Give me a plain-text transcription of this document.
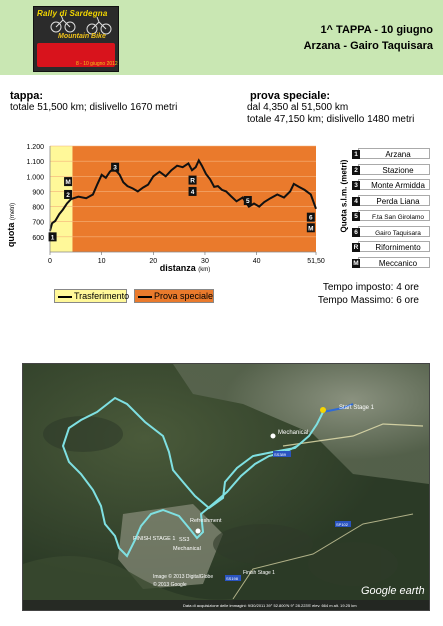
Rally di Sardegna
Mountain Bike
8 - 10 giugno 2012
1^ TAPPA - 10 giugno
Arzana - Gairo Taquisara
tappa:
totale 51,500 km; dislivello 1670 metri
prova speciale:
dal 4,350 al 51,500 km
totale 47,150 km; dislivello 1480 metri
600
700
800
900
1.000
1.100
1.200
0	10	20	30	40	51,50
1
2
M
3
R
4
5
6
M
quota (metri)
distanza (km)
Quota s.l.m. (metri)
1	Arzana
2	Stazione
3 Monte Armidda
4 Perda Liana
5	F.ta San Girolamo
6	Gairo Taquisara
R Rifornimento
M	Meccanico
Trasferimento	Prova speciale
Tempo imposto: 4 ore
Tempo Massimo: 6 ore
Start Stage 1
Mechanical
Refreshment
FINISH STAGE 1 SS3
Mechanical
Finish Stage 1
SS389
SP102
SS198
Image © 2013 DigitalGlobe
© 2013 Google	Google earth
Data di acquisizione delle immagini: 9/30/2011 39° 52.800'N 9° 28.223'E elev. 664 m alt. 19.25 km
